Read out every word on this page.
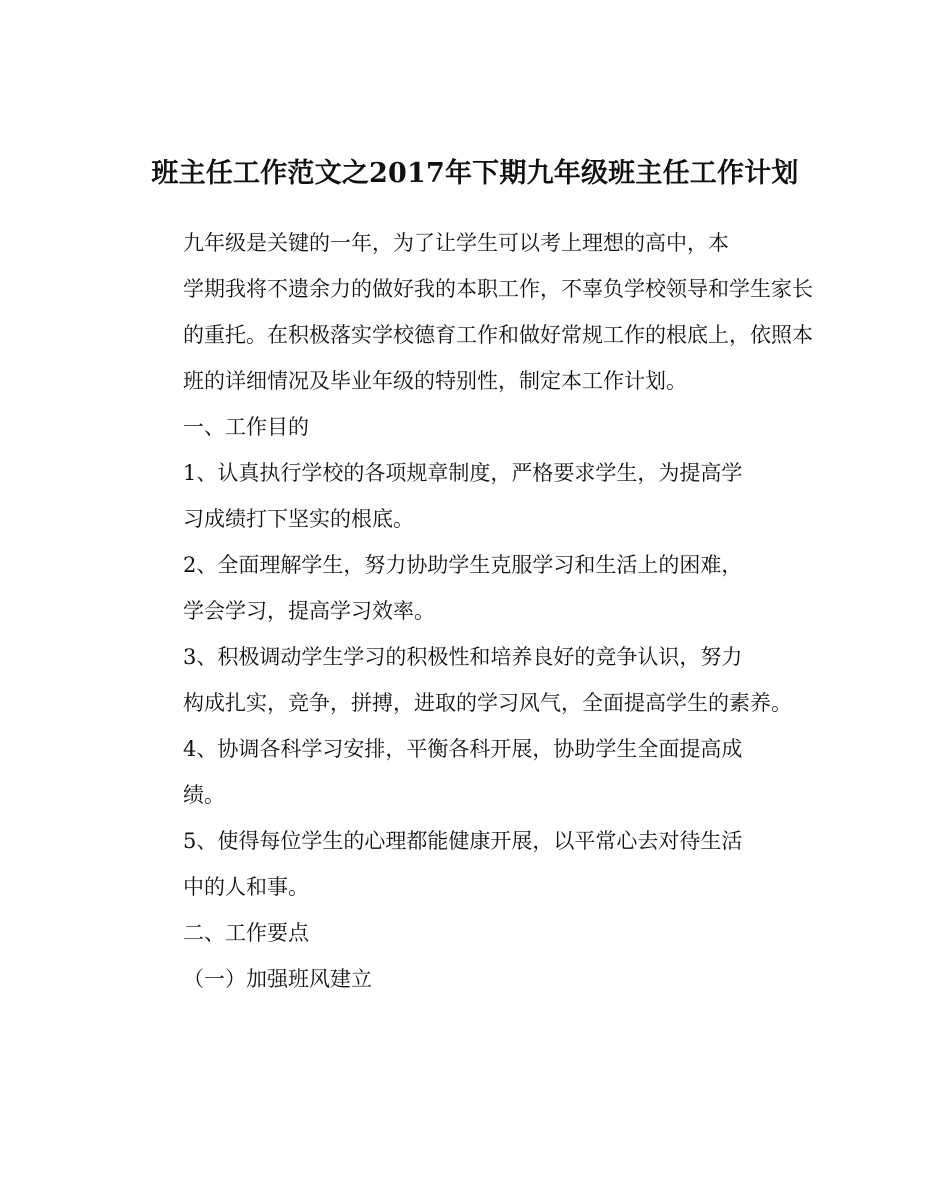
班主任工作范文之2017年下期九年级班主任工作计划
九年级是关键的一年，为了让学生可以考上理想的高中，本
学期我将不遗余力的做好我的本职工作，不辜负学校领导和学生家长
的重托。在积极落实学校德育工作和做好常规工作的根底上，依照本
班的详细情况及毕业年级的特别性，制定本工作计划。
一、工作目的
1、认真执行学校的各项规章制度，严格要求学生，为提高学
习成绩打下坚实的根底。
2、全面理解学生，努力协助学生克服学习和生活上的困难，
学会学习，提高学习效率。
3、积极调动学生学习的积极性和培养良好的竞争认识，努力
构成扎实，竞争，拼搏，进取的学习风气，全面提高学生的素养。
4、协调各科学习安排，平衡各科开展，协助学生全面提高成
绩。
5、使得每位学生的心理都能健康开展，以平常心去对待生活
中的人和事。
二、工作要点

（一）加强班风建立
